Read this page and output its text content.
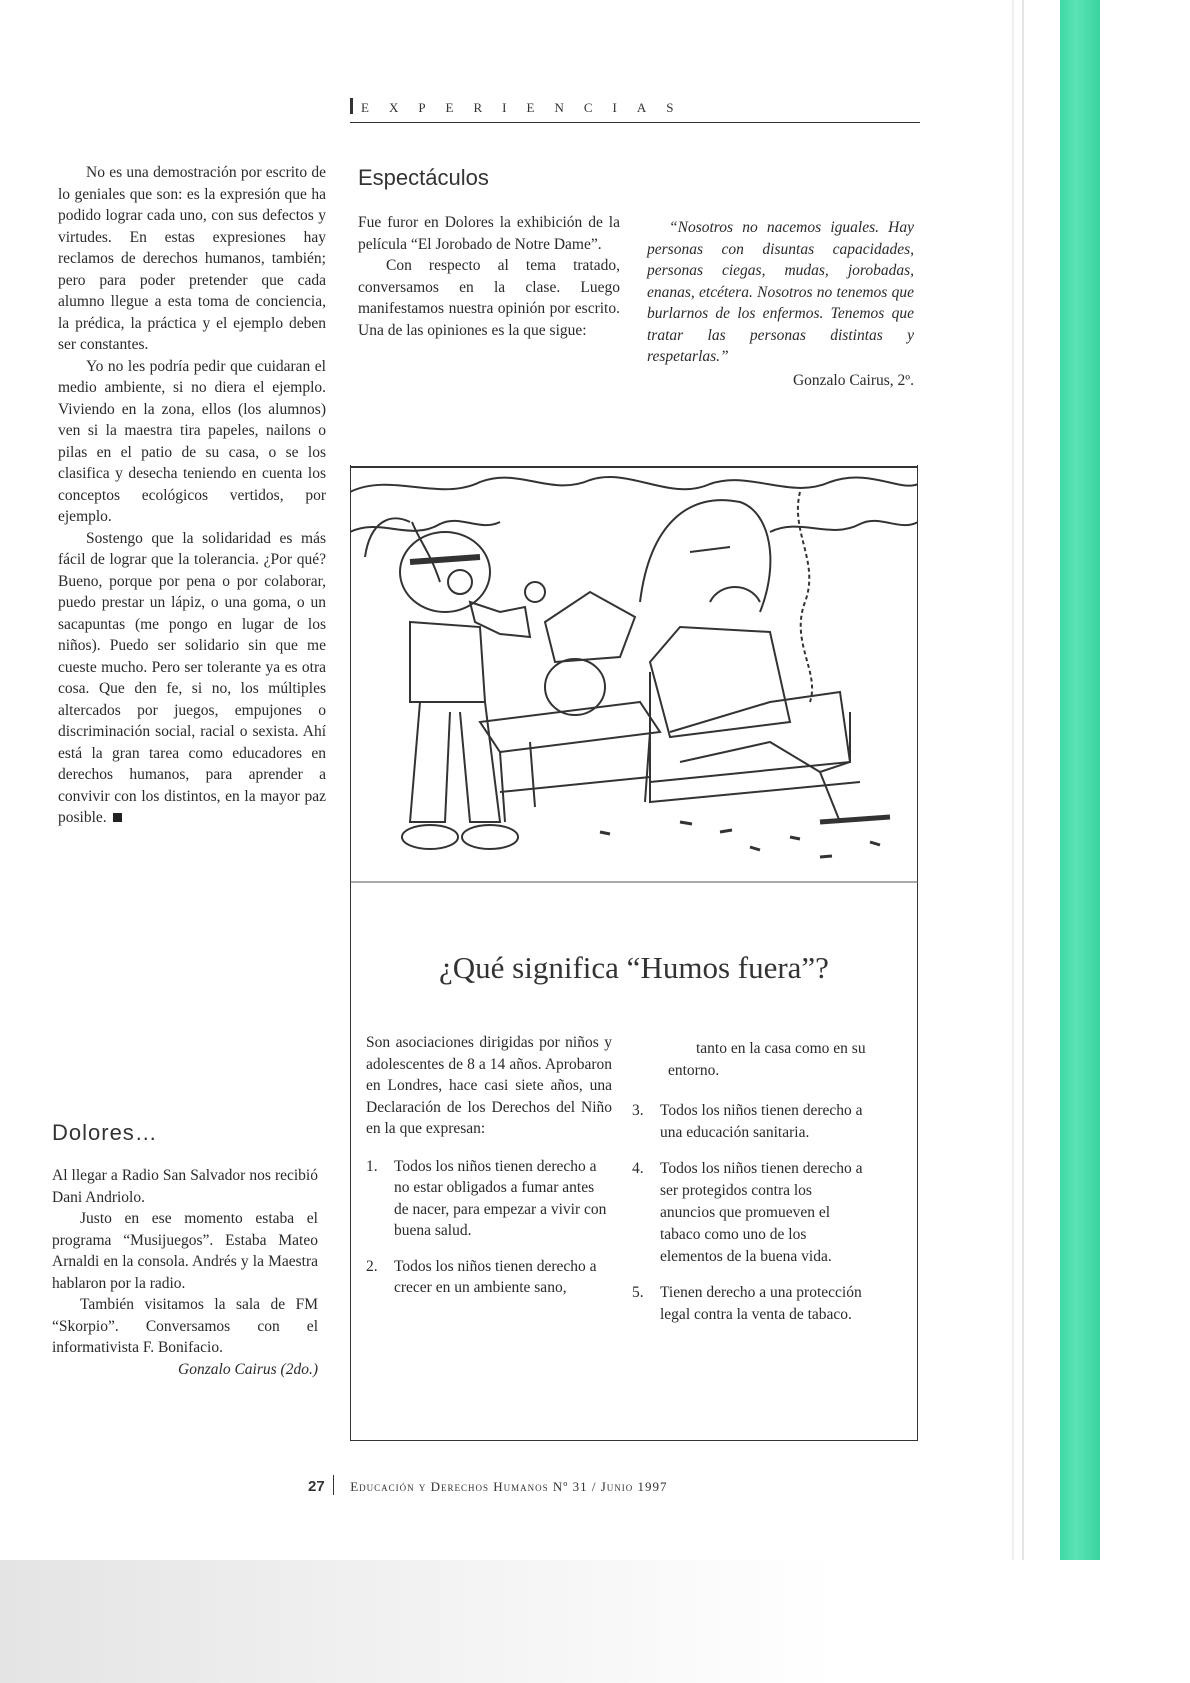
EXPERIENCIAS

No es una demostración por escrito de lo geniales que son: es la expresión que ha podido lograr cada uno, con sus defectos y virtudes. En estas expresiones hay reclamos de derechos humanos, también; pero para poder pretender que cada alumno llegue a esta toma de conciencia, la prédica, la práctica y el ejemplo deben ser constantes.

Yo no les podría pedir que cuidaran el medio ambiente, si no diera el ejemplo. Viviendo en la zona, ellos (los alumnos) ven si la maestra tira papeles, nailons o pilas en el patio de su casa, o se los clasifica y desecha teniendo en cuenta los conceptos ecológicos vertidos, por ejemplo.

Sostengo que la solidaridad es más fácil de lograr que la tolerancia. ¿Por qué? Bueno, porque por pena o por colaborar, puedo prestar un lápiz, o una goma, o un sacapuntas (me pongo en lugar de los niños). Puedo ser solidario sin que me cueste mucho. Pero ser tolerante ya es otra cosa. Que den fe, si no, los múltiples altercados por juegos, empujones o discriminación social, racial o sexista. Ahí está la gran tarea como educadores en derechos humanos, para aprender a convivir con los distintos, en la mayor paz posible.

Espectáculos

Fue furor en Dolores la exhibición de la película “El Jorobado de Notre Dame”.

Con respecto al tema tratado, conversamos en la clase. Luego manifestamos nuestra opinión por escrito. Una de las opiniones es la que sigue:

“Nosotros no nacemos iguales. Hay personas con disuntas capacidades, personas ciegas, mudas, jorobadas, enanas, etcétera. Nosotros no tenemos que burlarnos de los enfermos. Tenemos que tratar las personas distintas y respetarlas.”

Gonzalo Cairus, 2º.
¿Qué significa “Humos fuera”?

Son asociaciones dirigidas por niños y adolescentes de 8 a 14 años. Aprobaron en Londres, hace casi siete años, una Declaración de los Derechos del Niño en la que expresan:

1.	Todos los niños tienen derecho a no estar obligados a fumar antes de nacer, para empezar a vivir con buena salud.
2.	Todos los niños tienen derecho a crecer en un ambiente sano,

tanto en la casa como en su entorno.

3.	Todos los niños tienen derecho a una educación sanitaria.
4.	Todos los niños tienen derecho a ser protegidos contra los anuncios que promueven el tabaco como uno de los elementos de la buena vida.
5.	Tienen derecho a una protección legal contra la venta de tabaco.
Dolores…

Al llegar a Radio San Salvador nos recibió Dani Andriolo.

Justo en ese momento estaba el programa “Musijuegos”. Estaba Mateo Arnaldi en la consola. Andrés y la Maestra hablaron por la radio.

También visitamos la sala de FM “Skorpio”. Conversamos con el informativista F. Bonifacio.

Gonzalo Cairus (2do.)

27 Educación y Derechos Humanos Nº 31 / Junio 1997
